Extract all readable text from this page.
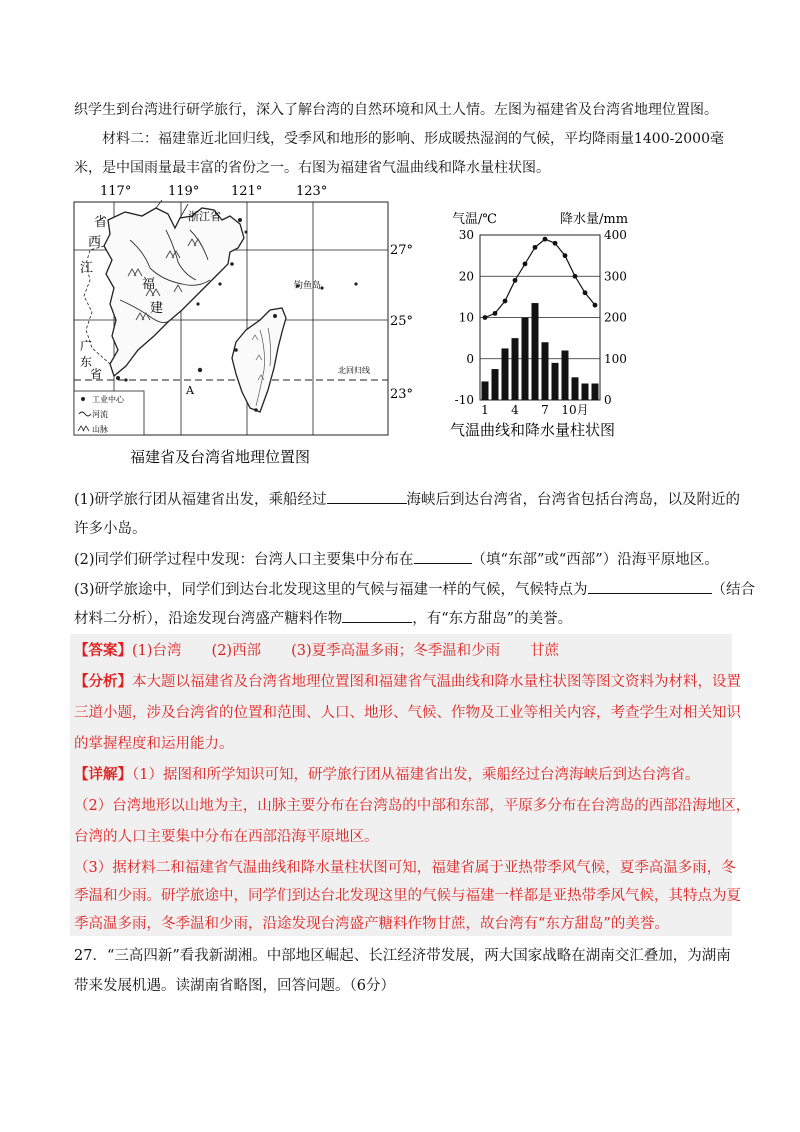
织学生到台湾进行研学旅行，深入了解台湾的自然环境和风土人情。左图为福建省及台湾省地理位置图。
材料二：福建靠近北回归线，受季风和地形的影响、形成暖热湿润的气候，平均降雨量1400-2000毫
米，是中国雨量最丰富的省份之一。右图为福建省气温曲线和降水量柱状图。
117°	119° 121°	123°
27°
25°
23°
北回归线
浙江省
省
西
江
福
建
广
东
省
钓鱼岛
A
工业中心
河流
山脉
福建省及台湾省地理位置图
气温/℃	降水量/mm
30
20
10
0
-10
400
300
200
100
0
1 4 7 10月
气温曲线和降水量柱状图
(1)研学旅行团从福建省出发，乘船经过	海峡后到达台湾省，台湾省包括台湾岛，以及附近的
许多小岛。
(2)同学们研学过程中发现：台湾人口主要集中分布在	（填“东部”或“西部”）沿海平原地区。
(3)研学旅途中，同学们到达台北发现这里的气候与福建一样的气候，气候特点为	（结合
材料二分析），沿途发现台湾盛产糖料作物	，有“东方甜岛”的美誉。
【答案】(1)台湾 (2)西部 (3)夏季高温多雨；冬季温和少雨 甘蔗
【分析】本大题以福建省及台湾省地理位置图和福建省气温曲线和降水量柱状图等图文资料为材料，设置
三道小题，涉及台湾省的位置和范围、人口、地形、气候、作物及工业等相关内容，考查学生对相关知识
的掌握程度和运用能力。
【详解】（1）据图和所学知识可知，研学旅行团从福建省出发，乘船经过台湾海峡后到达台湾省。
（2）台湾地形以山地为主，山脉主要分布在台湾岛的中部和东部，平原多分布在台湾岛的西部沿海地区，
台湾的人口主要集中分布在西部沿海平原地区。
（3）据材料二和福建省气温曲线和降水量柱状图可知，福建省属于亚热带季风气候，夏季高温多雨，冬
季温和少雨。研学旅途中，同学们到达台北发现这里的气候与福建一样都是亚热带季风气候，其特点为夏
季高温多雨，冬季温和少雨，沿途发现台湾盛产糖料作物甘蔗，故台湾有“东方甜岛”的美誉。
27．“三高四新”看我新湖湘。中部地区崛起、长江经济带发展，两大国家战略在湖南交汇叠加，为湖南
带来发展机遇。读湖南省略图，回答问题。（6分）
